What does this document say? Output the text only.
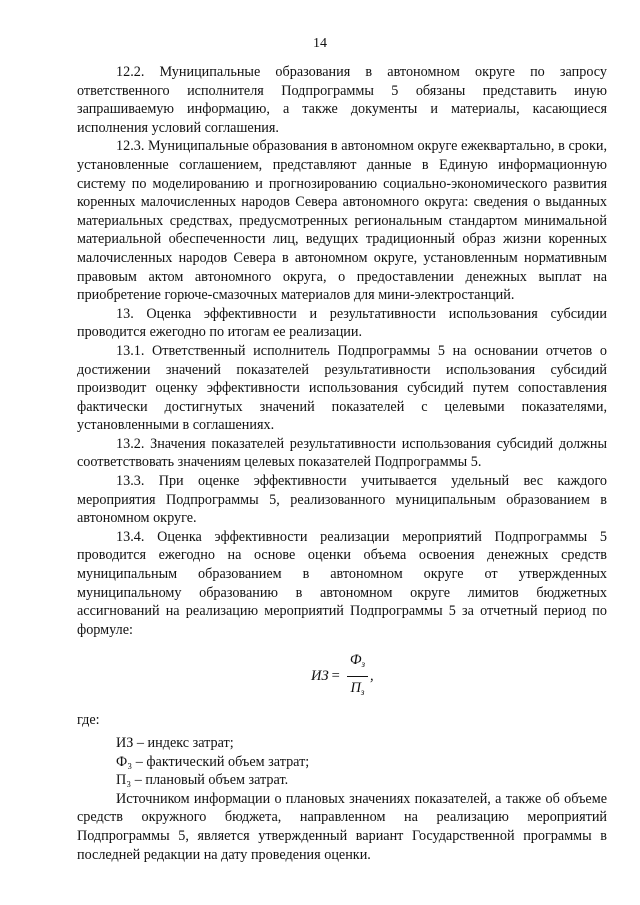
14

12.2. Муниципальные образования в автономном округе по запросу ответственного исполнителя Подпрограммы 5 обязаны представить иную запрашиваемую информацию, а также документы и материалы, касающиеся исполнения условий соглашения.

12.3. Муниципальные образования в автономном округе ежеквартально, в сроки, установленные соглашением, представляют данные в Единую информационную систему по моделированию и прогнозированию социально-экономического развития коренных малочисленных народов Севера автономного округа: сведения о выданных материальных средствах, предусмотренных региональным стандартом минимальной материальной обеспеченности лиц, ведущих традиционный образ жизни коренных малочисленных народов Севера в автономном округе, установленным нормативным правовым актом автономного округа, о предоставлении денежных выплат на приобретение горюче-смазочных материалов для мини-электростанций.

13. Оценка эффективности и результативности использования субсидии проводится ежегодно по итогам ее реализации.

13.1. Ответственный исполнитель Подпрограммы 5 на основании отчетов о достижении значений показателей результативности использования субсидий производит оценку эффективности использования субсидий путем сопоставления фактически достигнутых значений показателей с целевыми показателями, установленными в соглашениях.

13.2. Значения показателей результативности использования субсидий должны соответствовать значениям целевых показателей Подпрограммы 5.

13.3. При оценке эффективности учитывается удельный вес каждого мероприятия Подпрограммы 5, реализованного муниципальным образованием в автономном округе.

13.4. Оценка эффективности реализации мероприятий Подпрограммы 5 проводится ежегодно на основе оценки объема освоения денежных средств муниципальным образованием в автономном округе от утвержденных муниципальному образованию в автономном округе лимитов бюджетных ассигнований на реализацию мероприятий Подпрограммы 5 за отчетный период по формуле:

ИЗ = $\frac{Ф_з}{П_з}$ ,

где:

ИЗ – индекс затрат;

Ф₃ – фактический объем затрат;

П₃ – плановый объем затрат.

Источником информации о плановых значениях показателей, а также об объеме средств окружного бюджета, направленном на реализацию мероприятий Подпрограммы 5, является утвержденный вариант Государственной программы в последней редакции на дату проведения оценки.
